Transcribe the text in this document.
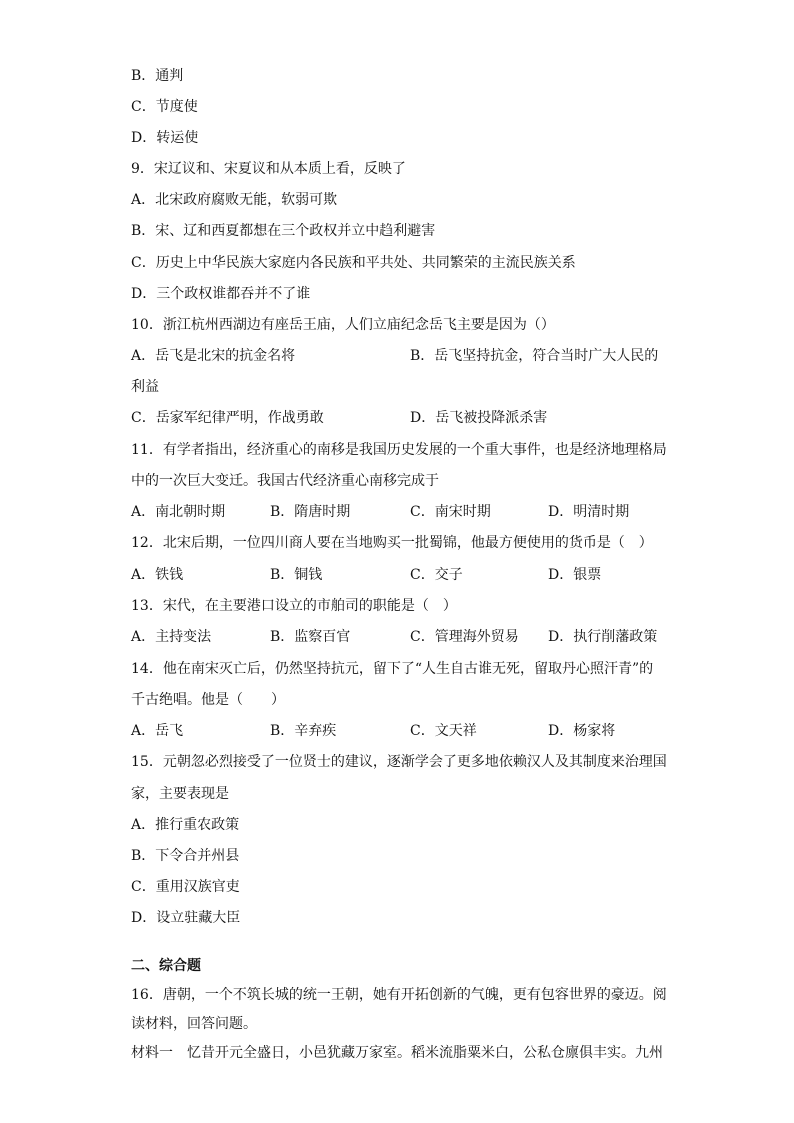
B．通判
C．节度使
D．转运使
9．宋辽议和、宋夏议和从本质上看，反映了
A．北宋政府腐败无能，软弱可欺
B．宋、辽和西夏都想在三个政权并立中趋利避害
C．历史上中华民族大家庭内各民族和平共处、共同繁荣的主流民族关系
D．三个政权谁都吞并不了谁
10．浙江杭州西湖边有座岳王庙，人们立庙纪念岳飞主要是因为（）
A．岳飞是北宋的抗金名将	B．岳飞坚持抗金，符合当时广大人民的
利益
C．岳家军纪律严明，作战勇敢	D．岳飞被投降派杀害
11．有学者指出，经济重心的南移是我国历史发展的一个重大事件，也是经济地理格局
中的一次巨大变迁。我国古代经济重心南移完成于
A．南北朝时期	B．隋唐时期	C．南宋时期	D．明清时期
12．北宋后期，一位四川商人要在当地购买一批蜀锦，他最方便使用的货币是（　）
A．铁钱	B．铜钱	C．交子	D．银票
13．宋代，在主要港口设立的市舶司的职能是（　）
A．主持变法	B．监察百官	C．管理海外贸易 D．执行削藩政策
14．他在南宋灭亡后，仍然坚持抗元，留下了“人生自古谁无死，留取丹心照汗青”的
千古绝唱。他是（　　）
A．岳飞	B．辛弃疾	C．文天祥	D．杨家将
15．元朝忽必烈接受了一位贤士的建议，逐渐学会了更多地依赖汉人及其制度来治理国
家，主要表现是
A．推行重农政策
B．下令合并州县
C．重用汉族官吏
D．设立驻藏大臣
二、综合题
16．唐朝，一个不筑长城的统一王朝，她有开拓创新的气魄，更有包容世界的豪迈。阅
读材料，回答问题。
材料一　忆昔开元全盛日，小邑犹藏万家室。稻米流脂粟米白，公私仓廪俱丰实。九州
